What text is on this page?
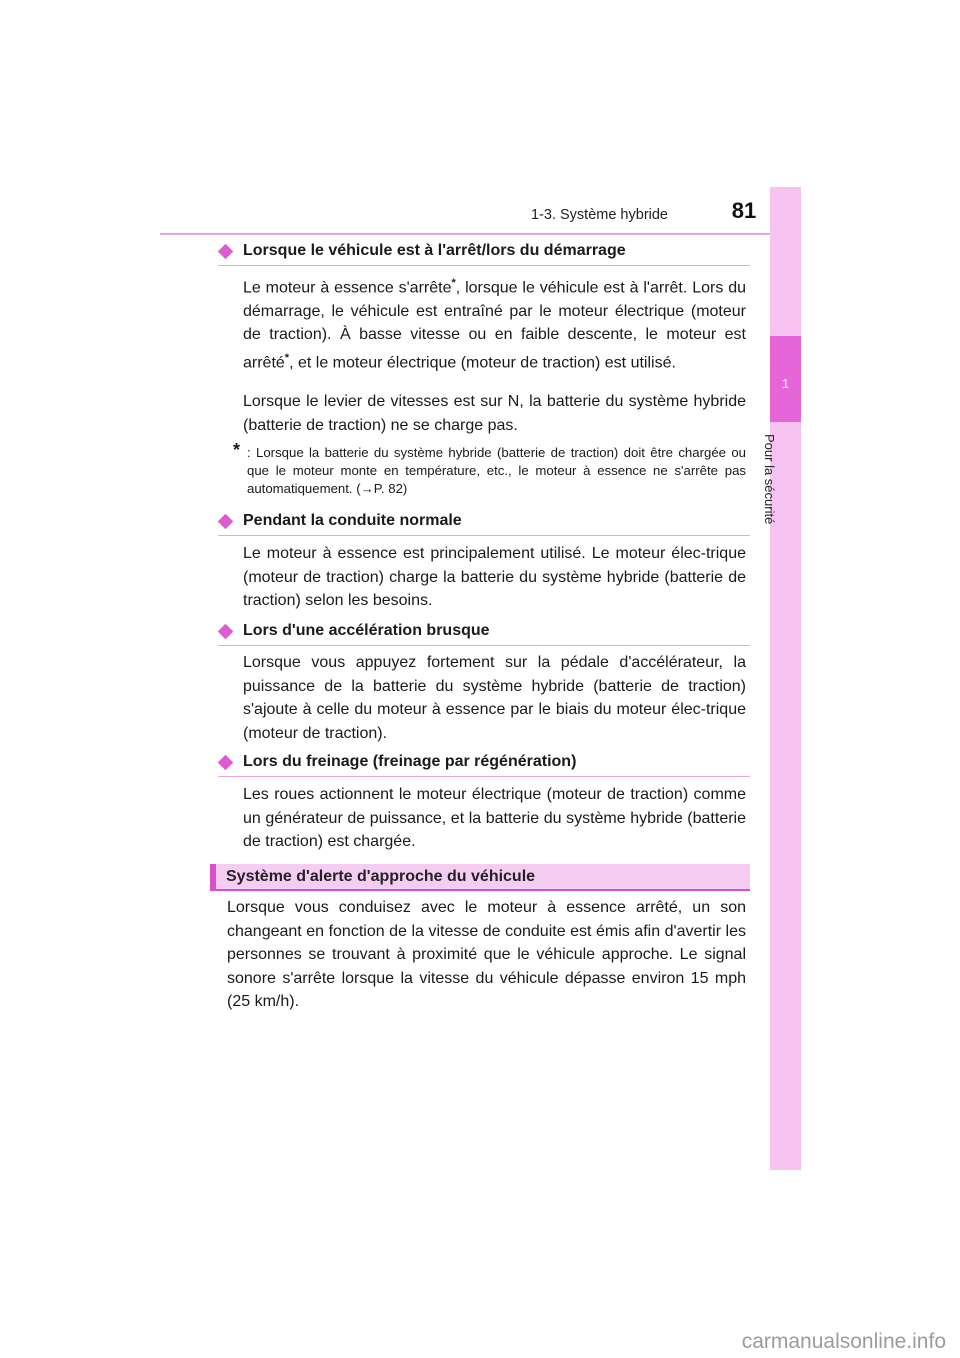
1-3. Système hybride	81
1
Pour la sécurité
Lorsque le véhicule est à l'arrêt/lors du démarrage
Le moteur à essence s'arrête*, lorsque le véhicule est à l'arrêt. Lors du démarrage, le véhicule est entraîné par le moteur électrique (moteur de traction). À basse vitesse ou en faible descente, le moteur est arrêté*, et le moteur électrique (moteur de traction) est utilisé.
Lorsque le levier de vitesses est sur N, la batterie du système hybride (batterie de traction) ne se charge pas.
* : Lorsque la batterie du système hybride (batterie de traction) doit être chargée ou que le moteur monte en température, etc., le moteur à essence ne s'arrête pas automatiquement. (→P. 82)
Pendant la conduite normale
Le moteur à essence est principalement utilisé. Le moteur élec-trique (moteur de traction) charge la batterie du système hybride (batterie de traction) selon les besoins.
Lors d'une accélération brusque
Lorsque vous appuyez fortement sur la pédale d'accélérateur, la puissance de la batterie du système hybride (batterie de traction) s'ajoute à celle du moteur à essence par le biais du moteur élec-trique (moteur de traction).
Lors du freinage (freinage par régénération)
Les roues actionnent le moteur électrique (moteur de traction) comme un générateur de puissance, et la batterie du système hybride (batterie de traction) est chargée.
Système d'alerte d'approche du véhicule
Lorsque vous conduisez avec le moteur à essence arrêté, un son changeant en fonction de la vitesse de conduite est émis afin d'avertir les personnes se trouvant à proximité que le véhicule approche. Le signal sonore s'arrête lorsque la vitesse du véhicule dépasse environ 15 mph (25 km/h).
carmanualsonline.info
